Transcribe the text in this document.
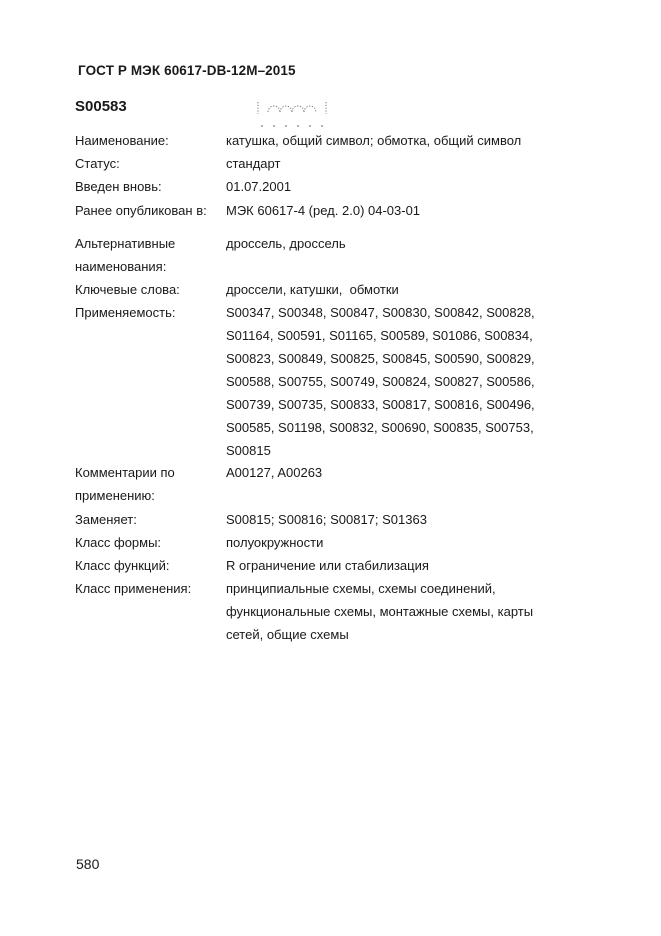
ГОСТ Р МЭК 60617-DB-12M–2015
S00583
Наименование:	катушка, общий символ; обмотка, общий символ
Статус:	стандарт
Введен вновь:	01.07.2001
Ранее опубликован в:	МЭК 60617-4 (ред. 2.0) 04-03-01
Альтернативные
наименования:
дроссель, дроссель
Ключевые слова:	дроссели, катушки,  обмотки
Применяемость:	S00347, S00348, S00847, S00830, S00842, S00828,
S01164, S00591, S01165, S00589, S01086, S00834,
S00823, S00849, S00825, S00845, S00590, S00829,
S00588, S00755, S00749, S00824, S00827, S00586,
S00739, S00735, S00833, S00817, S00816, S00496,
S00585, S01198, S00832, S00690, S00835, S00753,
S00815
Комментарии по
применению:
A00127, A00263
Заменяет:	S00815; S00816; S00817; S01363
Класс формы:	полуокружности
Класс функций:	R ограничение или стабилизация
Класс применения:	принципиальные схемы, схемы соединений,
функциональные схемы, монтажные схемы, карты
сетей, общие схемы
580
